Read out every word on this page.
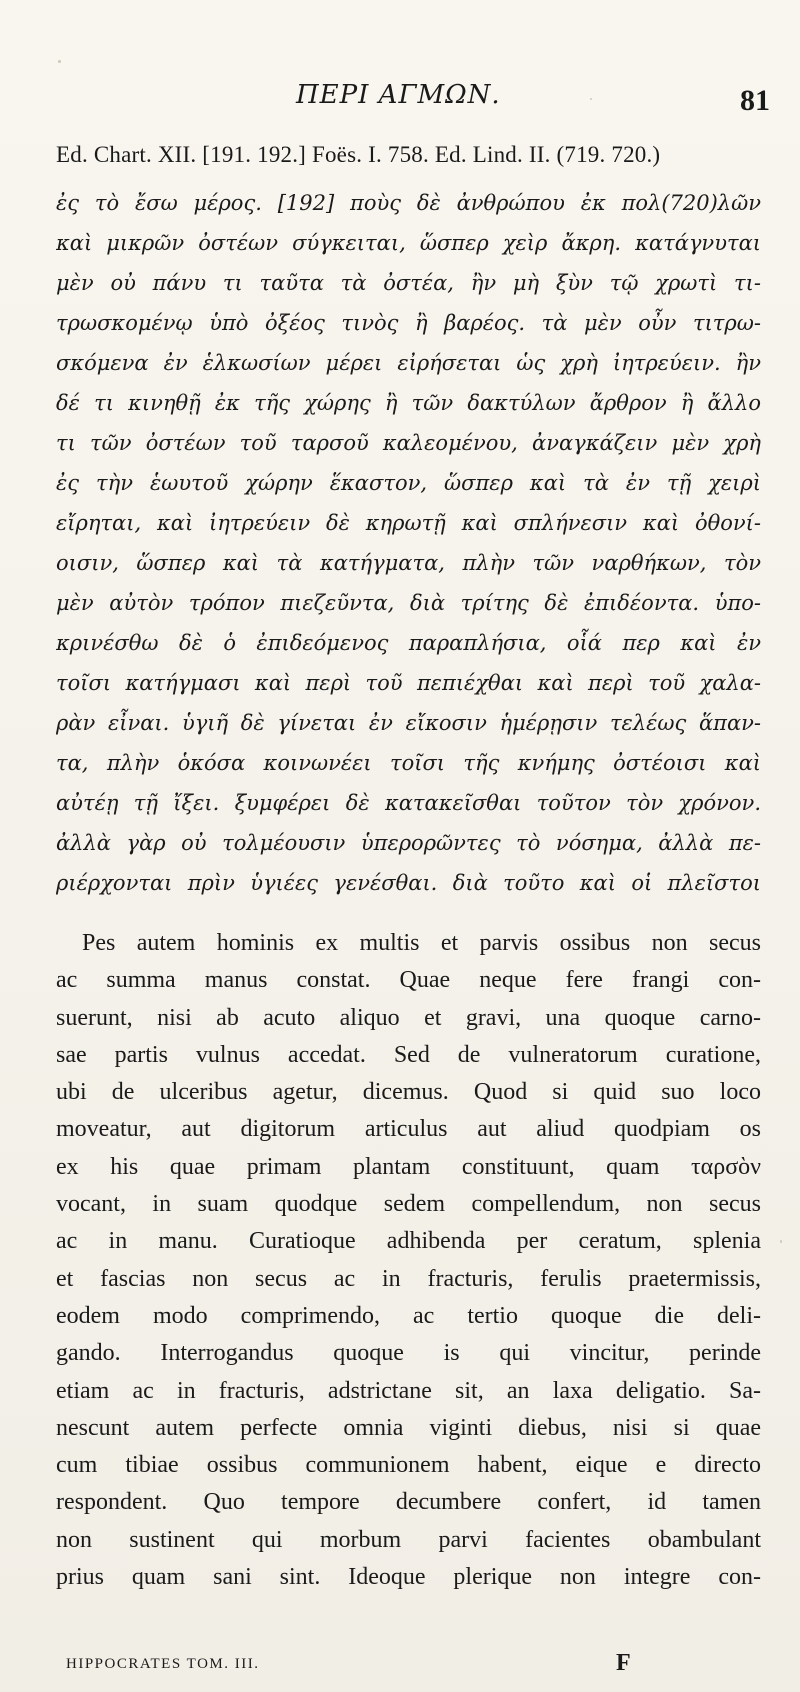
ΠΕΡΙ ΑΓΜΩΝ.	81
Ed. Chart. XII. [191. 192.] Foës. I. 758. Ed. Lind. II. (719. 720.)
ἐς τὸ ἔσω μέρος. [192] ποὺς δὲ ἀνθρώπου ἐκ πολ(720)λῶν
καὶ μικρῶν ὀστέων σύγκειται, ὥσπερ χεὶρ ἄκρη. κατάγνυται
μὲν οὐ πάνυ τι ταῦτα τὰ ὀστέα, ἢν μὴ ξὺν τῷ χρωτὶ τι-
τρωσκομένῳ ὑπὸ ὀξέος τινὸς ἢ βαρέος. τὰ μὲν οὖν τιτρω-
σκόμενα ἐν ἑλκωσίων μέρει εἰρήσεται ὡς χρὴ ἰητρεύειν. ἢν
δέ τι κινηθῇ ἐκ τῆς χώρης ἢ τῶν δακτύλων ἄρθρον ἢ ἄλλο
τι τῶν ὀστέων τοῦ ταρσοῦ καλεομένου, ἀναγκάζειν μὲν χρὴ
ἐς τὴν ἑωυτοῦ χώρην ἕκαστον, ὥσπερ καὶ τὰ ἐν τῇ χειρὶ
εἴρηται, καὶ ἰητρεύειν δὲ κηρωτῇ καὶ σπλήνεσιν καὶ ὀθονί-
οισιν, ὥσπερ καὶ τὰ κατήγματα, πλὴν τῶν ναρθήκων, τὸν
μὲν αὐτὸν τρόπον πιεζεῦντα, διὰ τρίτης δὲ ἐπιδέοντα. ὑπο-
κρινέσθω δὲ ὁ ἐπιδεόμενος παραπλήσια, οἷά περ καὶ ἐν
τοῖσι κατήγμασι καὶ περὶ τοῦ πεπιέχθαι καὶ περὶ τοῦ χαλα-
ρὰν εἶναι. ὑγιῆ δὲ γίνεται ἐν εἴκοσιν ἡμέρῃσιν τελέως ἅπαν-
τα, πλὴν ὁκόσα κοινωνέει τοῖσι τῆς κνήμης ὀστέοισι καὶ
αὐτέῃ τῇ ἴξει. ξυμφέρει δὲ κατακεῖσθαι τοῦτον τὸν χρόνον.
ἀλλὰ γὰρ οὐ τολμέουσιν ὑπερορῶντες τὸ νόσημα, ἀλλὰ πε-
ριέρχονται πρὶν ὑγιέες γενέσθαι. διὰ τοῦτο καὶ οἱ πλεῖστοι
Pes autem hominis ex multis et parvis ossibus non secus
ac summa manus constat. Quae neque fere frangi con-
suerunt, nisi ab acuto aliquo et gravi, una quoque carno-
sae partis vulnus accedat. Sed de vulneratorum curatione,
ubi de ulceribus agetur, dicemus. Quod si quid suo loco
moveatur, aut digitorum articulus aut aliud quodpiam os
ex his quae primam plantam constituunt, quam ταρσὸν
vocant, in suam quodque sedem compellendum, non secus
ac in manu. Curatioque adhibenda per ceratum, splenia
et fascias non secus ac in fracturis, ferulis praetermissis,
eodem modo comprimendo, ac tertio quoque die deli-
gando. Interrogandus quoque is qui vincitur, perinde
etiam ac in fracturis, adstrictane sit, an laxa deligatio. Sa-
nescunt autem perfecte omnia viginti diebus, nisi si quae
cum tibiae ossibus communionem habent, eique e directo
respondent. Quo tempore decumbere confert, id tamen
non sustinent qui morbum parvi facientes obambulant
prius quam sani sint. Ideoque plerique non integre con-
HIPPOCRATES TOM. III.	F
